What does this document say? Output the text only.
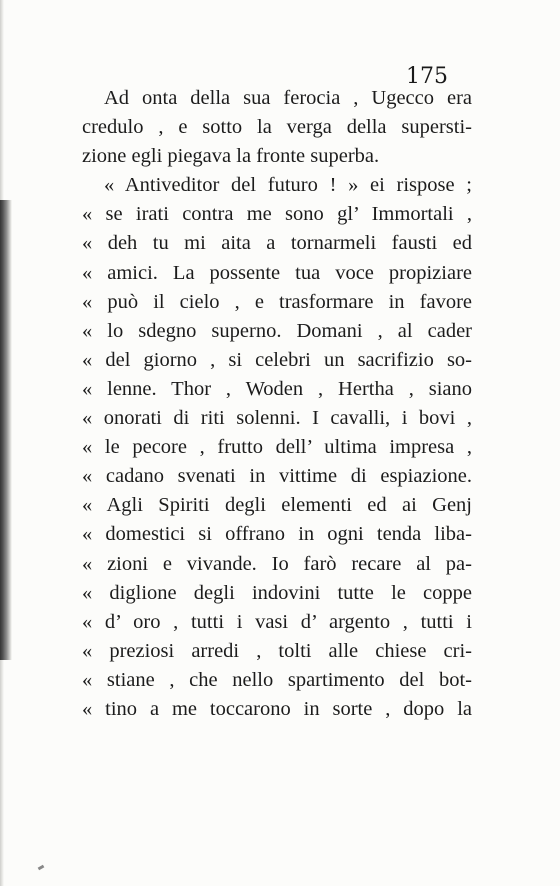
175

Ad onta della sua ferocia , Ugecco era
credulo , e sotto la verga della supersti-
zione egli piegava la fronte superba.
« Antiveditor del futuro ! » ei rispose ;
« se irati contra me sono gl’ Immortali ,
« deh tu mi aita a tornarmeli fausti ed
« amici. La possente tua voce propiziare
« può il cielo , e trasformare in favore
« lo sdegno superno. Domani , al cader
« del giorno , si celebri un sacrifizio so-
« lenne. Thor , Woden , Hertha , siano
« onorati di riti solenni. I cavalli, i bovi ,
« le pecore , frutto dell’ ultima impresa ,
« cadano svenati in vittime di espiazione.
« Agli Spiriti degli elementi ed ai Genj
« domestici si offrano in ogni tenda liba-
« zioni e vivande. Io farò recare al pa-
« diglione degli indovini tutte le coppe
« d’ oro , tutti i vasi d’ argento , tutti i
« preziosi arredi , tolti alle chiese cri-
« stiane , che nello spartimento del bot-
« tino a me toccarono in sorte , dopo la
